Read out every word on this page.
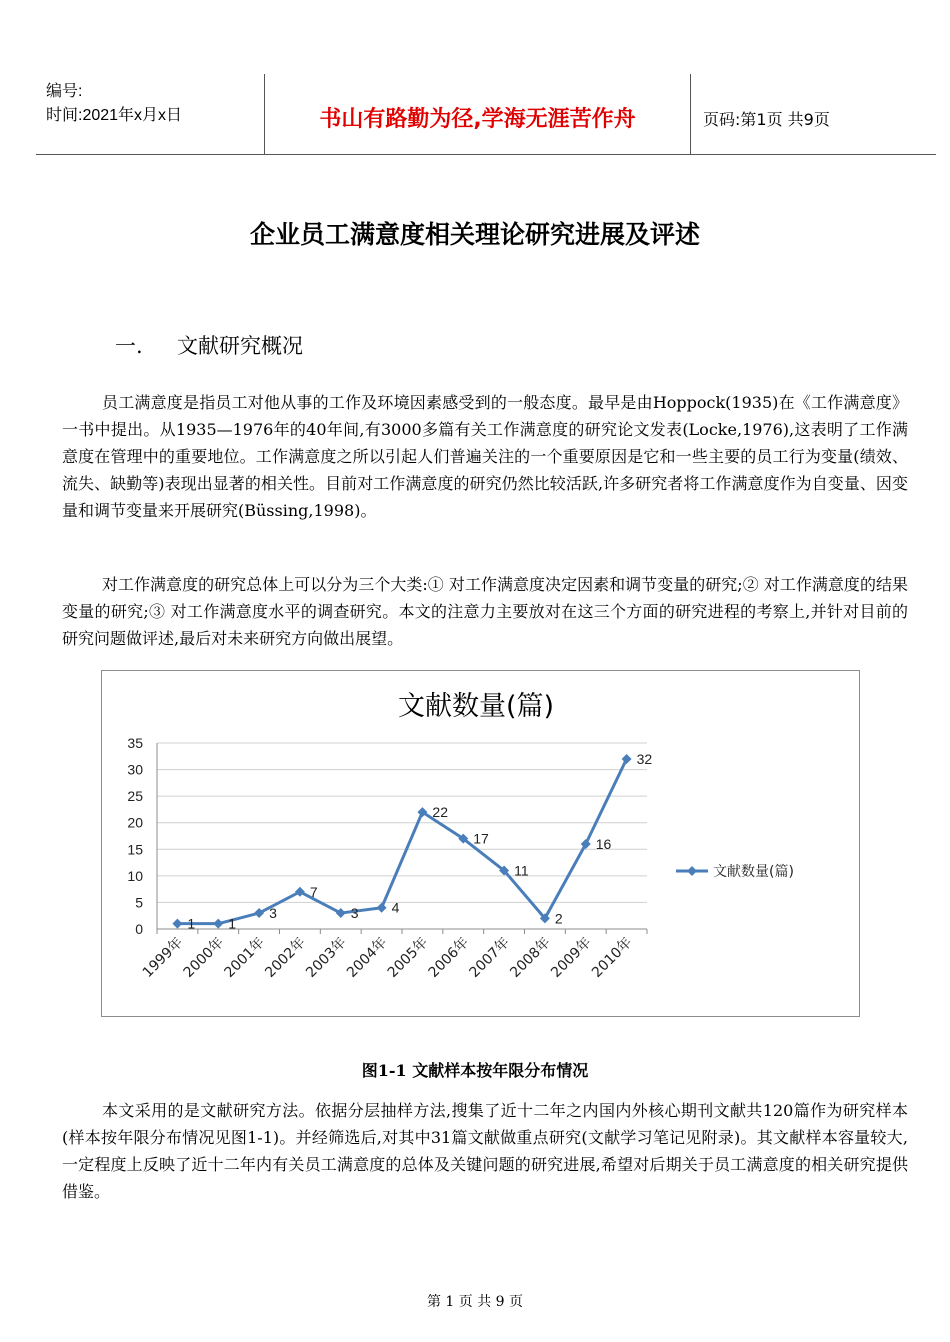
编号:
时间:2021年x月x日	书山有路勤为径,学海无涯苦作舟	页码:第1页 共9页
企业员工满意度相关理论研究进展及评述
一. 文献研究概况

员工满意度是指员工对他从事的工作及环境因素感受到的一般态度。最早是由Hoppock(1935)在《工作满意度》一书中提出。从1935—1976年的40年间,有3000多篇有关工作满意度的研究论文发表(Locke,1976),这表明了工作满意度在管理中的重要地位。工作满意度之所以引起人们普遍关注的一个重要原因是它和一些主要的员工行为变量(绩效、流失、缺勤等)表现出显著的相关性。目前对工作满意度的研究仍然比较活跃,许多研究者将工作满意度作为自变量、因变量和调节变量来开展研究(Büssing,1998)。

对工作满意度的研究总体上可以分为三个大类:① 对工作满意度决定因素和调节变量的研究;② 对工作满意度的结果变量的研究;③ 对工作满意度水平的调查研究。本文的注意力主要放对在这三个方面的研究进程的考察上,并针对目前的研究问题做评述,最后对未来研究方向做出展望。

文献数量(篇)
0
5
10
15
20
25
30
35
1999年
2000年
2001年
2002年
2003年
2004年
2005年
2006年
2007年
2008年
2009年
2010年
1 1
3
7
3 4
22
17
11
2
16
32
文献数量(篇)
图1-1 文献样本按年限分布情况

本文采用的是文献研究方法。依据分层抽样方法,搜集了近十二年之内国内外核心期刊文献共120篇作为研究样本(样本按年限分布情况见图1-1)。并经筛选后,对其中31篇文献做重点研究(文献学习笔记见附录)。其文献样本容量较大,一定程度上反映了近十二年内有关员工满意度的总体及关键问题的研究进展,希望对后期关于员工满意度的相关研究提供借鉴。

第 1 页 共 9 页
